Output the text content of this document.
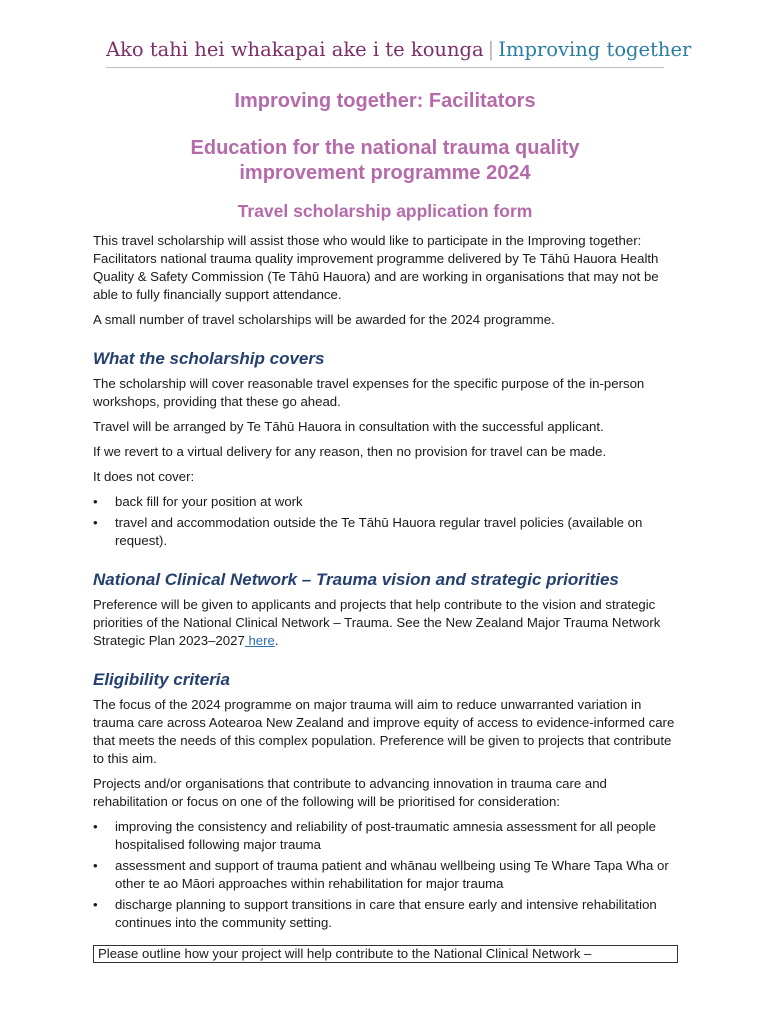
Ako tahi hei whakapai ake i te kounga | Improving together
Improving together: Facilitators
Education for the national trauma quality
improvement programme 2024
Travel scholarship application form

This travel scholarship will assist those who would like to participate in the Improving together: Facilitators national trauma quality improvement programme delivered by Te Tāhū Hauora Health Quality & Safety Commission (Te Tāhū Hauora) and are working in organisations that may not be able to fully financially support attendance.

A small number of travel scholarships will be awarded for the 2024 programme.

What the scholarship covers

The scholarship will cover reasonable travel expenses for the specific purpose of the in-person workshops, providing that these go ahead.

Travel will be arranged by Te Tāhū Hauora in consultation with the successful applicant.

If we revert to a virtual delivery for any reason, then no provision for travel can be made.

It does not cover:

• back fill for your position at work
• travel and accommodation outside the Te Tāhū Hauora regular travel policies (available on request).
National Clinical Network – Trauma vision and strategic priorities

Preference will be given to applicants and projects that help contribute to the vision and strategic priorities of the National Clinical Network – Trauma. See the New Zealand Major Trauma Network Strategic Plan 2023–2027 here.

Eligibility criteria

The focus of the 2024 programme on major trauma will aim to reduce unwarranted variation in trauma care across Aotearoa New Zealand and improve equity of access to evidence-informed care that meets the needs of this complex population. Preference will be given to projects that contribute to this aim.

Projects and/or organisations that contribute to advancing innovation in trauma care and rehabilitation or focus on one of the following will be prioritised for consideration:

• improving the consistency and reliability of post-traumatic amnesia assessment for all people hospitalised following major trauma
• assessment and support of trauma patient and whānau wellbeing using Te Whare Tapa Wha or other te ao Māori approaches within rehabilitation for major trauma
• discharge planning to support transitions in care that ensure early and intensive rehabilitation continues into the community setting.
Please outline how your project will help contribute to the National Clinical Network –
